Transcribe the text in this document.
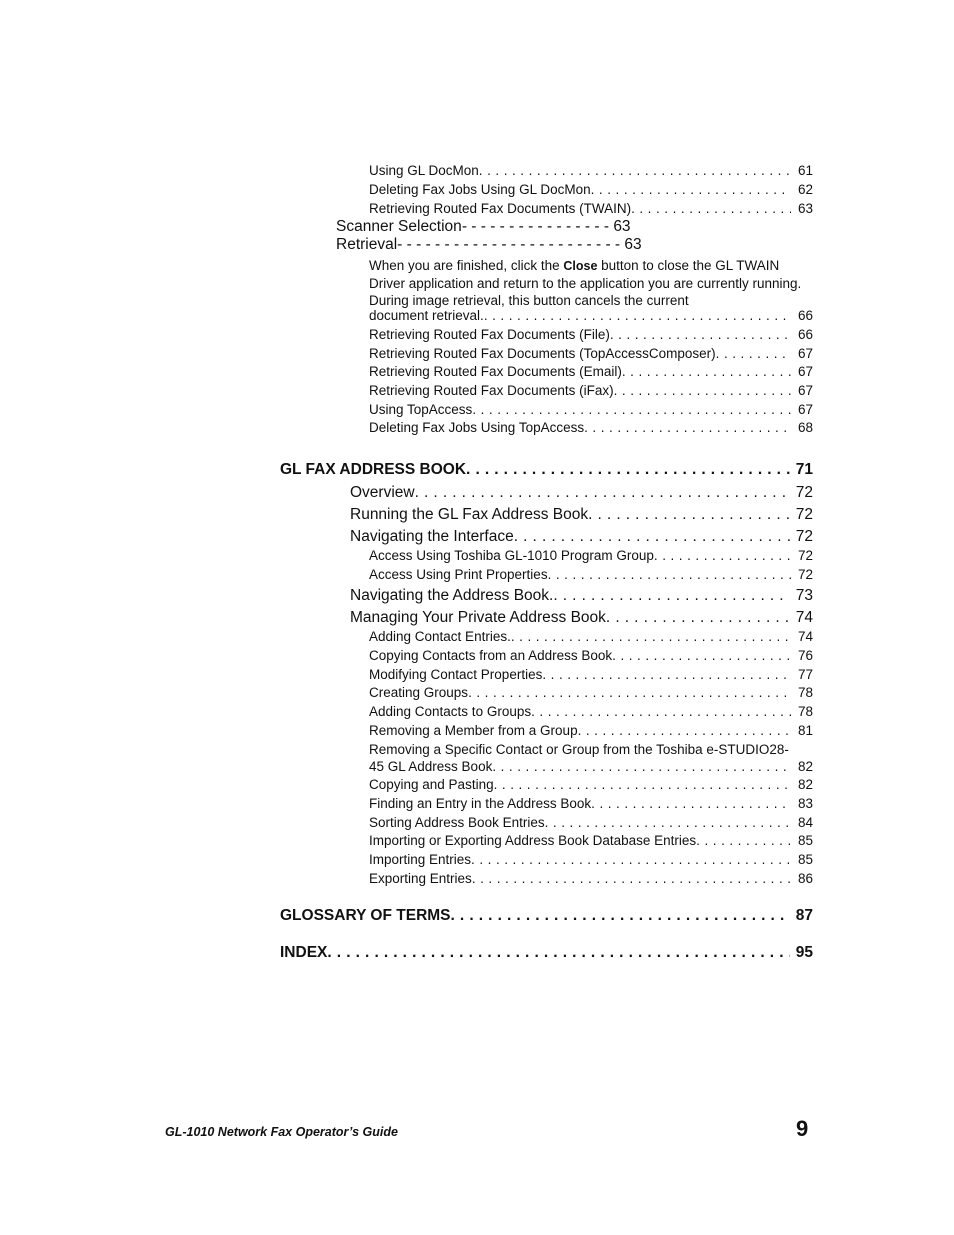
Using GL DocMon . . .	61
Deleting Fax Jobs Using GL DocMon . . .	62
Retrieving Routed Fax Documents (TWAIN) . . .	63
Scanner Selection- - - - - - - - - - - - - - - - 63
Retrieval- - - - - - - - - - - - - - - - - - - - - - - - 63
When you are finished, click the Close button to close the GL TWAIN Driver application and return to the application you are currently running. During image retrieval, this button cancels the current
document retrieval. . . .	66
Retrieving Routed Fax Documents (File) . . .	66
Retrieving Routed Fax Documents (TopAccessComposer) . . .	67
Retrieving Routed Fax Documents (Email) . . .	67
Retrieving Routed Fax Documents (iFax) . . .	67
Using TopAccess . . .	67
Deleting Fax Jobs Using TopAccess . . .	68
GL FAX ADDRESS BOOK . . .	71
Overview . . .	72
Running the GL Fax Address Book . . .	72
Navigating the Interface . . .	72
Access Using Toshiba GL-1010 Program Group . . .	72
Access Using Print Properties . . .	72
Navigating the Address Book. . . .	73
Managing Your Private Address Book . . .	74
Adding Contact Entries. . . .	74
Copying Contacts from an Address Book . . .	76
Modifying Contact Properties . . .	77
Creating Groups . . .	78
Adding Contacts to Groups . . .	78
Removing a Member from a Group . . .	81
Removing a Specific Contact or Group from the Toshiba e-STUDIO28-
45 GL Address Book . . .	82
Copying and Pasting . . .	82
Finding an Entry in the Address Book . . .	83
Sorting Address Book Entries . . .	84
Importing or Exporting Address Book Database Entries . . .	85
Importing Entries . . .	85
Exporting Entries . . .	86
GLOSSARY OF TERMS . . .	87
INDEX . . .	95
GL-1010 Network Fax Operator’s Guide	9
